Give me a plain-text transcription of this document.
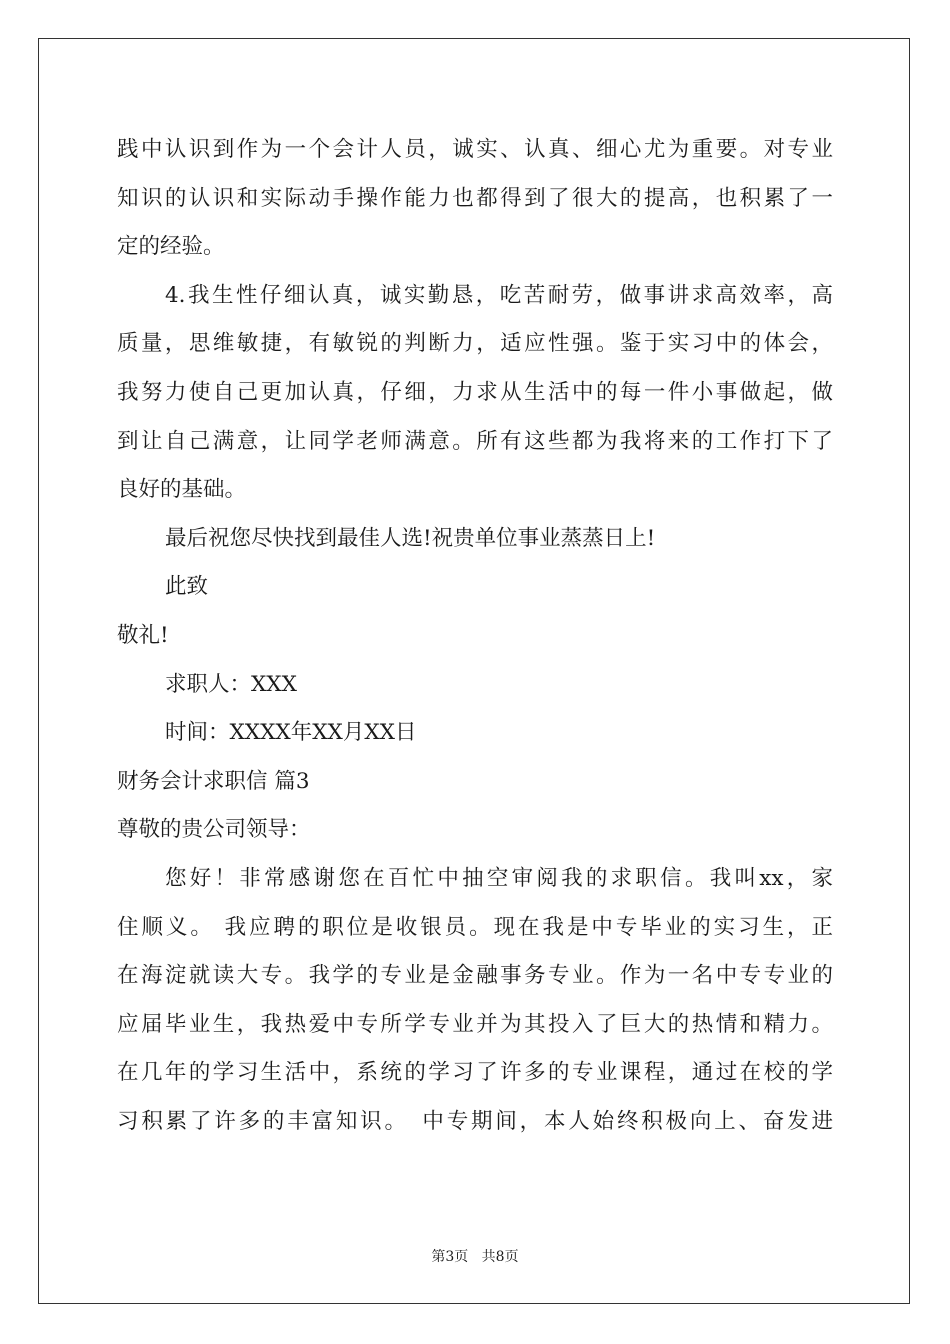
践中认识到作为一个会计人员，诚实、认真、细心尤为重要。对专业
知识的认识和实际动手操作能力也都得到了很大的提高，也积累了一
定的经验。
4.我生性仔细认真，诚实勤恳，吃苦耐劳，做事讲求高效率，高
质量，思维敏捷，有敏锐的判断力，适应性强。鉴于实习中的体会，
我努力使自己更加认真，仔细，力求从生活中的每一件小事做起，做
到让自己满意，让同学老师满意。所有这些都为我将来的工作打下了
良好的基础。
最后祝您尽快找到最佳人选!祝贵单位事业蒸蒸日上!
此致
敬礼!
求职人：XXX
时间：XXXX年XX月XX日
财务会计求职信 篇3
尊敬的贵公司领导：
您好！非常感谢您在百忙中抽空审阅我的求职信。我叫xx，家
住顺义。 我应聘的职位是收银员。现在我是中专毕业的实习生，正
在海淀就读大专。我学的专业是金融事务专业。作为一名中专专业的
应届毕业生，我热爱中专所学专业并为其投入了巨大的热情和精力。
在几年的学习生活中，系统的学习了许多的专业课程，通过在校的学
习积累了许多的丰富知识。　中专期间，本人始终积极向上、奋发进
第3页 共8页
